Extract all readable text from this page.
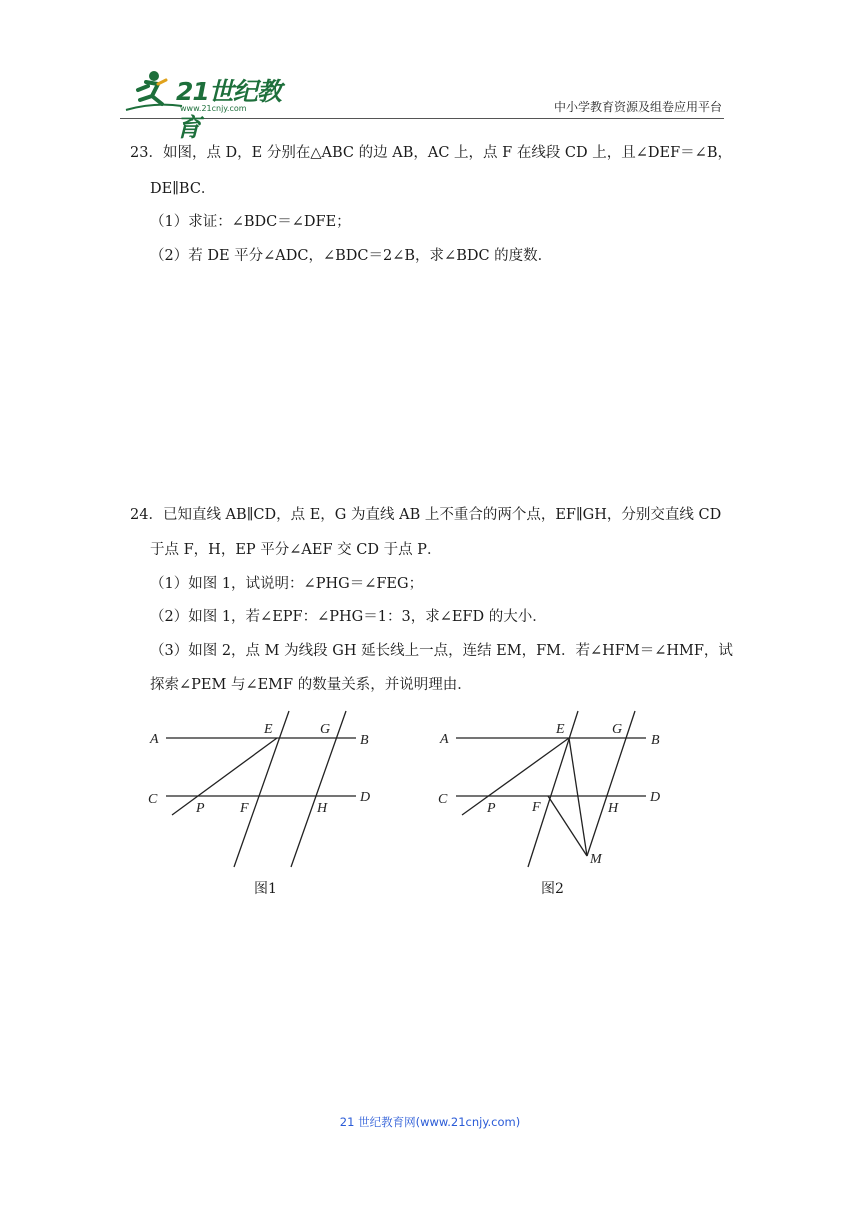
21世纪教育
www.21cnjy.com	中小学教育资源及组卷应用平台
23．如图，点 D，E 分别在△ABC 的边 AB，AC 上，点 F 在线段 CD 上，且∠DEF＝∠B，
DE∥BC．
（1）求证：∠BDC＝∠DFE；
（2）若 DE 平分∠ADC，∠BDC＝2∠B，求∠BDC 的度数．
24．已知直线 AB∥CD，点 E，G 为直线 AB 上不重合的两个点，EF∥GH，分别交直线 CD
于点 F，H，EP 平分∠AEF 交 CD 于点 P．
（1）如图 1，试说明：∠PHG＝∠FEG；
（2）如图 1，若∠EPF：∠PHG＝1：3，求∠EFD 的大小．
（3）如图 2，点 M 为线段 GH 延长线上一点，连结 EM，FM．若∠HFM＝∠HMF，试
探索∠PEM 与∠EMF 的数量关系，并说明理由．
A
E	G
B
C
P	F	H
D
图1
A
E	G
B
C
P	F	H
D
M
图2
21 世纪教育网(www.21cnjy.com)
